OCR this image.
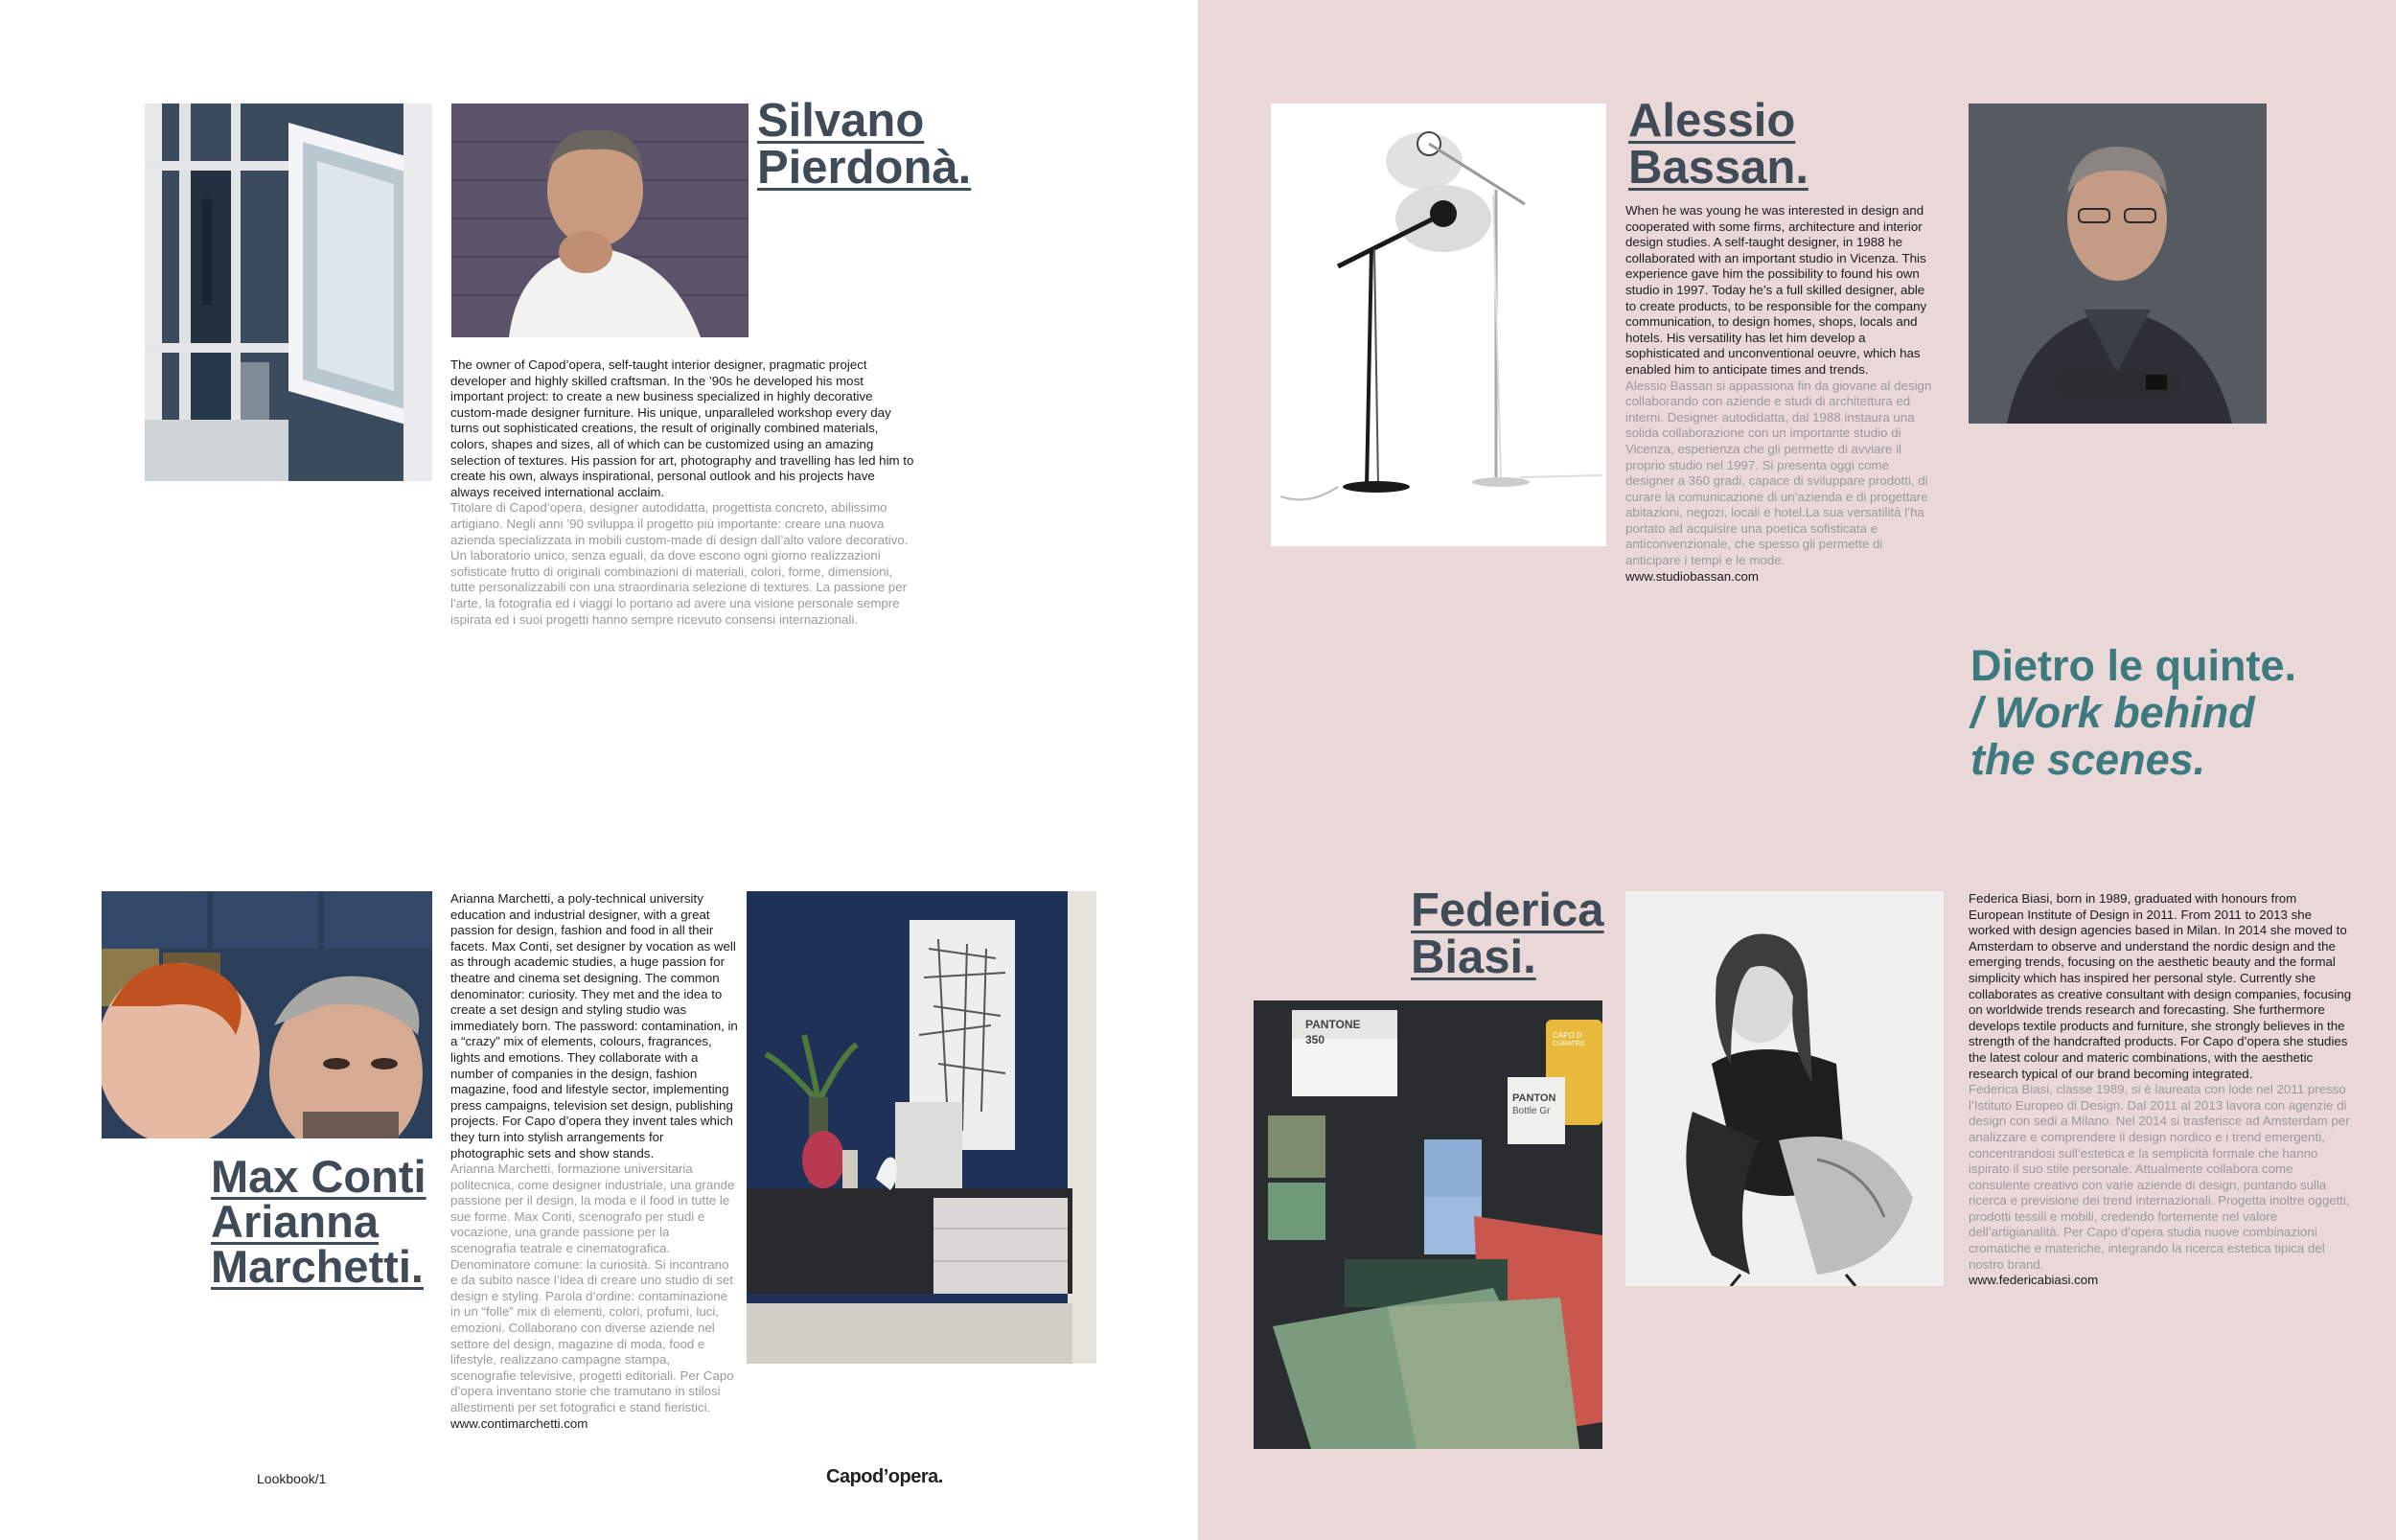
Silvano
Pierdonà.

The owner of Capod’opera, self-taught interior designer, pragmatic project developer and highly skilled craftsman. In the ’90s he developed his most important project: to create a new business specialized in highly decorative custom-made designer furniture. His unique, unparalleled workshop every day turns out sophisticated creations, the result of originally combined materials, colors, shapes and sizes, all of which can be customized using an amazing selection of textures. His passion for art, photography and travelling has led him to create his own, always inspirational, personal outlook and his projects have always received international acclaim.

Titolare di Capod’opera, designer autodidatta, progettista concreto, abilissimo artigiano. Negli anni ’90 sviluppa il progetto più importante: creare una nuova azienda specializzata in mobili custom-made di design dall’alto valore decorativo. Un laboratorio unico, senza eguali, da dove escono ogni giorno realizzazioni sofisticate frutto di originali combinazioni di materiali, colori, forme, dimensioni, tutte personalizzabili con una straordinaria selezione di textures. La passione per l’arte, la fotografia ed i viaggi lo portano ad avere una visione personale sempre ispirata ed i suoi progetti hanno sempre ricevuto consensi internazionali.

Max Conti
Arianna
Marchetti.

Arianna Marchetti, a poly-technical university education and industrial designer, with a great passion for design, fashion and food in all their facets. Max Conti, set designer by vocation as well as through academic studies, a huge passion for theatre and cinema set designing. The common denominator: curiosity. They met and the idea to create a set design and styling studio was immediately born. The password: contamination, in a “crazy” mix of elements, colours, fragrances, lights and emotions. They collaborate with a number of companies in the design, fashion magazine, food and lifestyle sector, implementing press campaigns, television set design, publishing projects. For Capo d’opera they invent tales which they turn into stylish arrangements for photographic sets and show stands.

Arianna Marchetti, formazione universitaria politecnica, come designer industriale, una grande passione per il design, la moda e il food in tutte le sue forme. Max Conti, scenografo per studi e vocazione, una grande passione per la scenografia teatrale e cinematografica. Denominatore comune: la curiosità. Si incontrano e da subito nasce l’idea di creare uno studio di set design e styling. Parola d’ordine: contaminazione in un “folle” mix di elementi, colori, profumi, luci, emozioni. Collaborano con diverse aziende nel settore del design, magazine di moda, food e lifestyle, realizzano campagne stampa, scenografie televisive, progetti editoriali. Per Capo d’opera inventano storie che tramutano in stilosi allestimenti per set fotografici e stand fieristici.

www.contimarchetti.com

Lookbook/1	Capod’opera.
Alessio
Bassan.

When he was young he was interested in design and cooperated with some firms, architecture and interior design studies. A self-taught designer, in 1988 he collaborated with an important studio in Vicenza. This experience gave him the possibility to found his own studio in 1997. Today he’s a full skilled designer, able to create products, to be responsible for the company communication, to design homes, shops, locals and hotels. His versatility has let him develop a sophisticated and unconventional oeuvre, which has enabled him to anticipate times and trends.

Alessio Bassan si appassiona fin da giovane al design collaborando con aziende e studi di architettura ed interni. Designer autodidatta, dal 1988 instaura una solida collaborazione con un importante studio di Vicenza, esperienza che gli permette di avviare il proprio studio nel 1997. Si presenta oggi come designer a 360 gradi, capace di sviluppare prodotti, di curare la comunicazione di un’azienda e di progettare abitazioni, negozi, locali e hotel.La sua versatilità l’ha portato ad acquisire una poetica sofisticata e anticonvenzionale, che spesso gli permette di anticipare i tempi e le mode.

www.studiobassan.com

Dietro le quinte.
/ Work behind
the scenes.
Federica
Biasi.
PANTONE
350
PANTON
Bottle Gr
CAPO D
CURATED

Federica Biasi, born in 1989, graduated with honours from European Institute of Design in 2011. From 2011 to 2013 she worked with design agencies based in Milan. In 2014 she moved to Amsterdam to observe and understand the nordic design and the emerging trends, focusing on the aesthetic beauty and the formal simplicity which has inspired her personal style. Currently she collaborates as creative consultant with design companies, focusing on worldwide trends research and forecasting. She furthermore develops textile products and furniture, she strongly believes in the strength of the handcrafted products. For Capo d’opera she studies the latest colour and materic combinations, with the aesthetic research typical of our brand becoming integrated.

Federica Biasi, classe 1989, si è laureata con lode nel 2011 presso l’Istituto Europeo di Design. Dal 2011 al 2013 lavora con agenzie di design con sedi a Milano. Nel 2014 si trasferisce ad Amsterdam per analizzare e comprendere il design nordico e i trend emergenti, concentrandosi sull’estetica e la semplicità formale che hanno ispirato il suo stile personale. Attualmente collabora come consulente creativo con varie aziende di design, puntando sulla ricerca e previsione dei trend internazionali. Progetta inoltre oggetti, prodotti tessili e mobili, credendo fortemente nel valore dell’artigianalità. Per Capo d’opera studia nuove combinazioni cromatiche e materiche, integrando la ricerca estetica tipica del nostro brand.

www.federicabiasi.com
